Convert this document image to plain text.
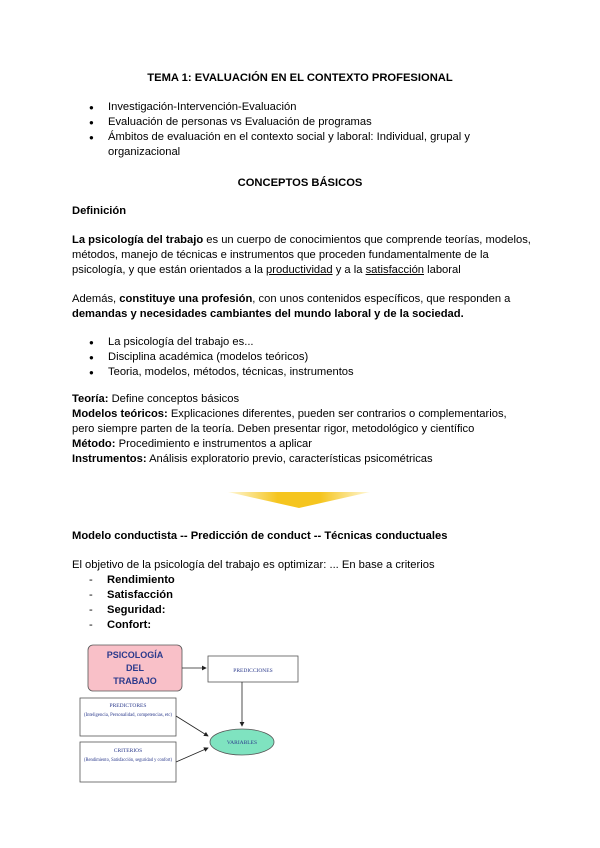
TEMA 1: EVALUACIÓN EN EL CONTEXTO PROFESIONAL
● Investigación-Intervención-Evaluación
● Evaluación de personas vs Evaluación de programas
● Ámbitos de evaluación en el contexto social y laboral: Individual, grupal y organizacional
CONCEPTOS BÁSICOS
Definición

La psicología del trabajo es un cuerpo de conocimientos que comprende teorías, modelos, métodos, manejo de técnicas e instrumentos que proceden fundamentalmente de la psicología, y que están orientados a la productividad y a la satisfacción laboral

Además, constituye una profesión, con unos contenidos específicos, que responden a demandas y necesidades cambiantes del mundo laboral y de la sociedad.

● La psicología del trabajo es...
● Disciplina académica (modelos teóricos)
● Teoria, modelos, métodos, técnicas, instrumentos

Teoría: Define conceptos básicos
Modelos teóricos: Explicaciones diferentes, pueden ser contrarios o complementarios, pero siempre parten de la teoría. Deben presentar rigor, metodológico y científico
Método: Procedimiento e instrumentos a aplicar
Instrumentos: Análisis exploratorio previo, características psicométricas

Modelo conductista -- Predicción de conduct -- Técnicas conductuales
El objetivo de la psicología del trabajo es optimizar: ... En base a criterios
- Rendimiento
- Satisfacción
- Seguridad:
- Confort:
PSICOLOGÍA
DEL
TRABAJO
PREDICCIONES
PREDICTORES
(Inteligencia, Personalidad, competencias, etc)
CRITERIOS
(Rendimiento, Satisfacción, seguridad y confort)
VARIABLES
